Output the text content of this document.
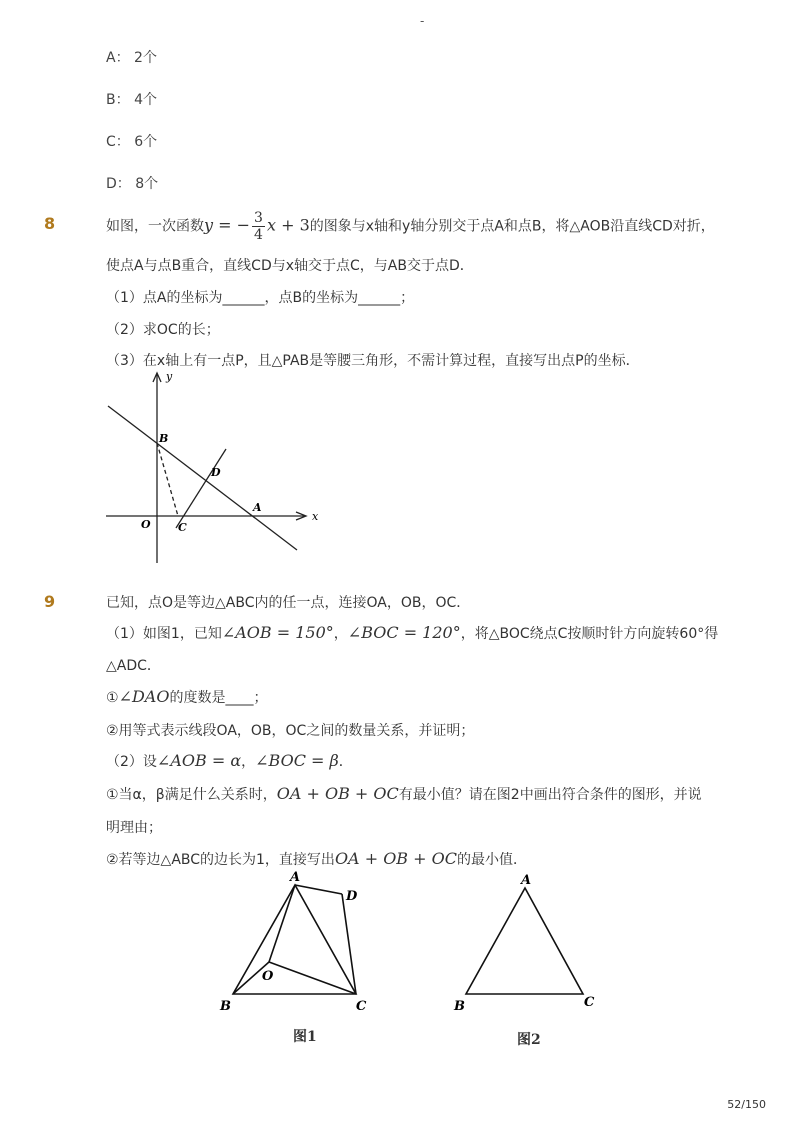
-
A： 2个
B： 4个
C： 6个
D： 8个
8	如图，一次函数y = − $\frac{3}{4}$ x + 3的图象与x轴和y轴分别交于点A和点B，将△AOB沿直线CD对折，
使点A与点B重合，直线CD与x轴交于点C，与AB交于点D．
（1）点A的坐标为______，点B的坐标为______；
（2）求OC的长；
（3）在x轴上有一点P，且△PAB是等腰三角形，不需计算过程，直接写出点P的坐标．
y
x
O
B
D
A
C
9	已知，点O是等边△ABC内的任一点，连接OA，OB，OC．
（1）如图1，已知∠AOB = 150°，∠BOC = 120°，将△BOC绕点C按顺时针方向旋转60°得
△ADC．
①∠DAO的度数是____；
②用等式表示线段OA，OB，OC之间的数量关系，并证明；
（2）设∠AOB = α，∠BOC = β．
①当α，β满足什么关系时，OA + OB + OC有最小值？请在图2中画出符合条件的图形，并说
明理由；
②若等边△ABC的边长为1，直接写出OA + OB + OC的最小值．
A
D
O
B	C
图1
A
B	C
图2
52/150
